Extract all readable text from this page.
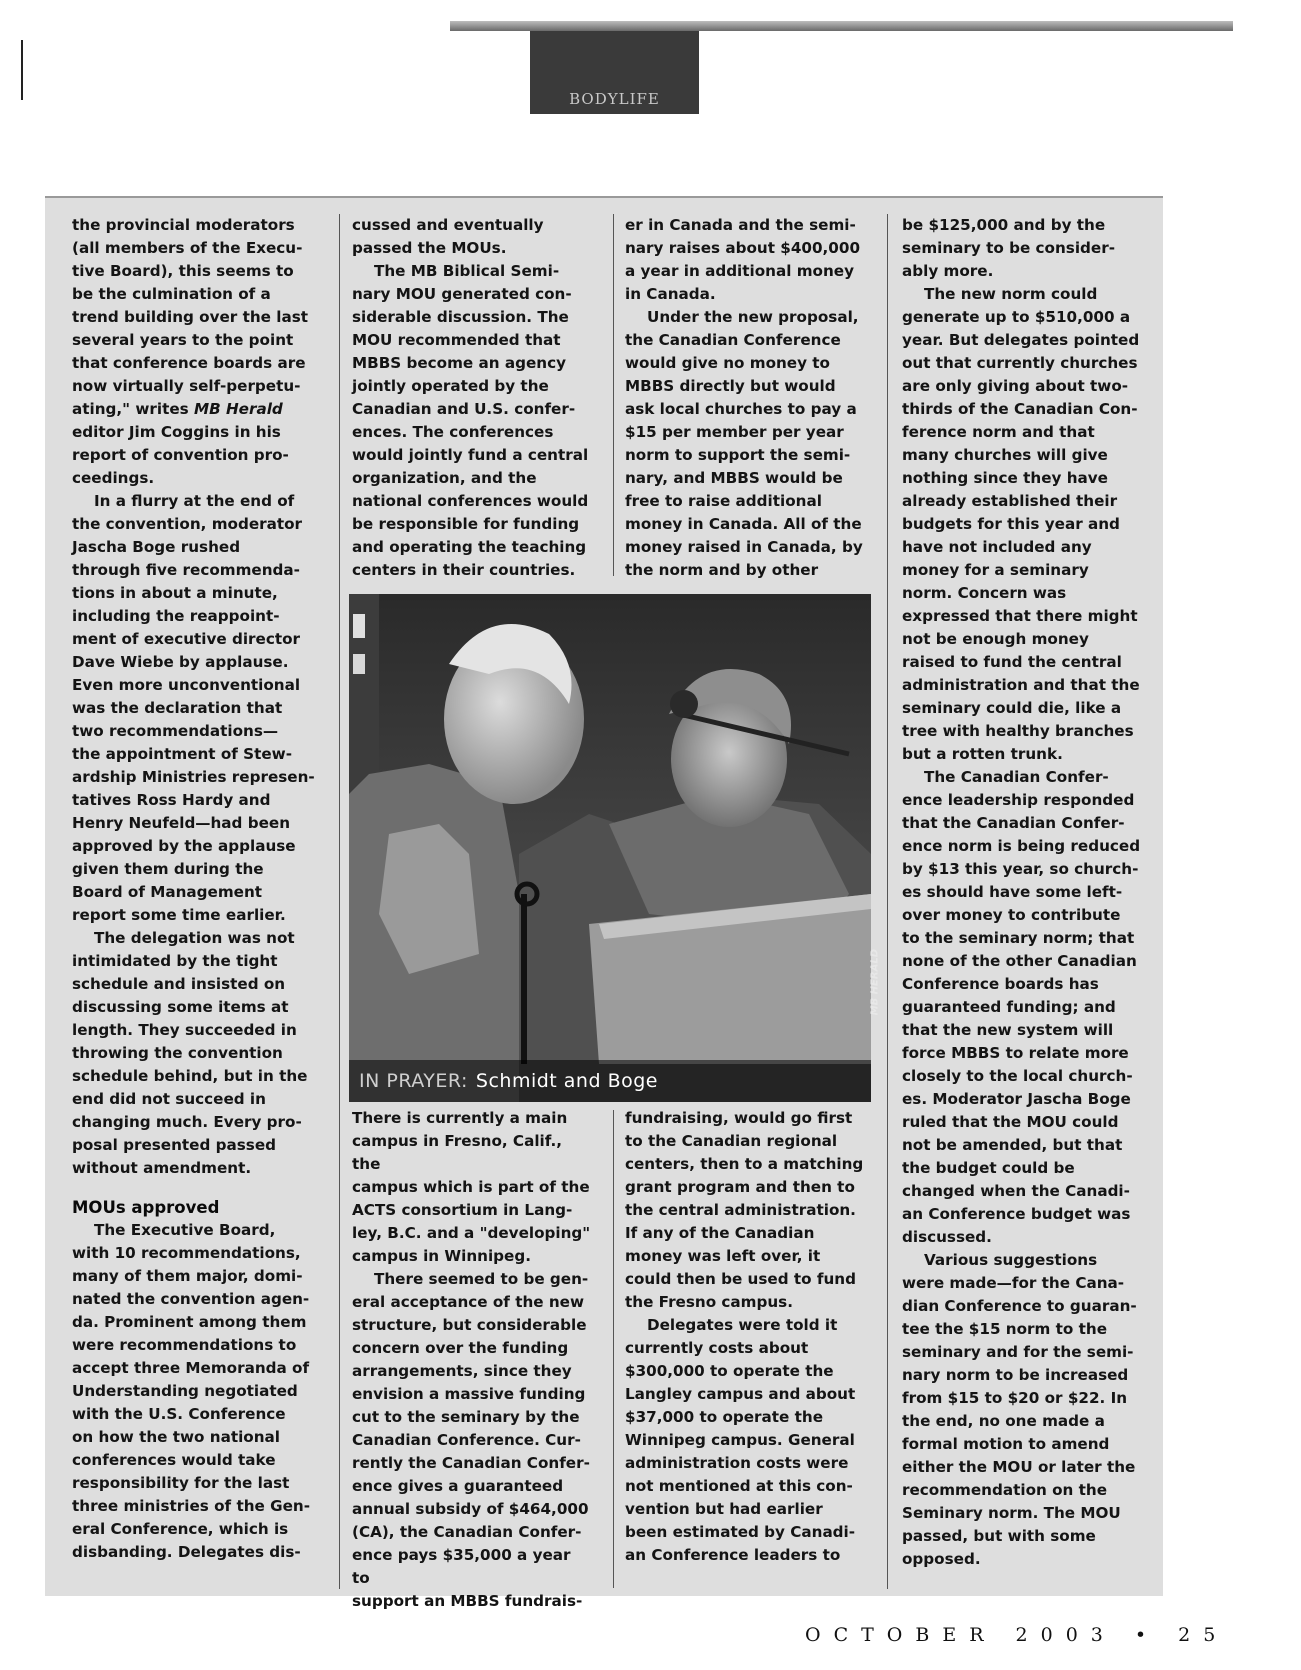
BODYLIFE

the provincial moderators
(all members of the Execu-
tive Board), this seems to
be the culmination of a
trend building over the last
several years to the point
that conference boards are
now virtually self-perpetu-
ating," writes MB Herald
editor Jim Coggins in his
report of convention pro-
ceedings.

In a flurry at the end of
the convention, moderator
Jascha Boge rushed
through five recommenda-
tions in about a minute,
including the reappoint-
ment of executive director
Dave Wiebe by applause.
Even more unconventional
was the declaration that
two recommendations—
the appointment of Stew-
ardship Ministries represen-
tatives Ross Hardy and
Henry Neufeld—had been
approved by the applause
given them during the
Board of Management
report some time earlier.

The delegation was not
intimidated by the tight
schedule and insisted on
discussing some items at
length. They succeeded in
throwing the convention
schedule behind, but in the
end did not succeed in
changing much. Every pro-
posal presented passed
without amendment.

MOUs approved

The Executive Board,
with 10 recommendations,
many of them major, domi-
nated the convention agen-
da. Prominent among them
were recommendations to
accept three Memoranda of
Understanding negotiated
with the U.S. Conference
on how the two national
conferences would take
responsibility for the last
three ministries of the Gen-
eral Conference, which is
disbanding. Delegates dis-

cussed and eventually
passed the MOUs.

The MB Biblical Semi-
nary MOU generated con-
siderable discussion. The
MOU recommended that
MBBS become an agency
jointly operated by the
Canadian and U.S. confer-
ences. The conferences
would jointly fund a central
organization, and the
national conferences would
be responsible for funding
and operating the teaching
centers in their countries.

er in Canada and the semi-
nary raises about $400,000
a year in additional money
in Canada.

Under the new proposal,
the Canadian Conference
would give no money to
MBBS directly but would
ask local churches to pay a
$15 per member per year
norm to support the semi-
nary, and MBBS would be
free to raise additional
money in Canada. All of the
money raised in Canada, by
the norm and by other

MB HERALD
IN PRAYER: Schmidt and Boge

There is currently a main
campus in Fresno, Calif., the
campus which is part of the
ACTS consortium in Lang-
ley, B.C. and a "developing"
campus in Winnipeg.

There seemed to be gen-
eral acceptance of the new
structure, but considerable
concern over the funding
arrangements, since they
envision a massive funding
cut to the seminary by the
Canadian Conference. Cur-
rently the Canadian Confer-
ence gives a guaranteed
annual subsidy of $464,000
(CA), the Canadian Confer-
ence pays $35,000 a year to
support an MBBS fundrais-

fundraising, would go first
to the Canadian regional
centers, then to a matching
grant program and then to
the central administration.
If any of the Canadian
money was left over, it
could then be used to fund
the Fresno campus.

Delegates were told it
currently costs about
$300,000 to operate the
Langley campus and about
$37,000 to operate the
Winnipeg campus. General
administration costs were
not mentioned at this con-
vention but had earlier
been estimated by Canadi-
an Conference leaders to

be $125,000 and by the
seminary to be consider-
ably more.

The new norm could
generate up to $510,000 a
year. But delegates pointed
out that currently churches
are only giving about two-
thirds of the Canadian Con-
ference norm and that
many churches will give
nothing since they have
already established their
budgets for this year and
have not included any
money for a seminary
norm. Concern was
expressed that there might
not be enough money
raised to fund the central
administration and that the
seminary could die, like a
tree with healthy branches
but a rotten trunk.

The Canadian Confer-
ence leadership responded
that the Canadian Confer-
ence norm is being reduced
by $13 this year, so church-
es should have some left-
over money to contribute
to the seminary norm; that
none of the other Canadian
Conference boards has
guaranteed funding; and
that the new system will
force MBBS to relate more
closely to the local church-
es. Moderator Jascha Boge
ruled that the MOU could
not be amended, but that
the budget could be
changed when the Canadi-
an Conference budget was
discussed.

Various suggestions
were made—for the Cana-
dian Conference to guaran-
tee the $15 norm to the
seminary and for the semi-
nary norm to be increased
from $15 to $20 or $22. In
the end, no one made a
formal motion to amend
either the MOU or later the
recommendation on the
Seminary norm. The MOU
passed, but with some
opposed.

OCTOBER 2003 • 25
